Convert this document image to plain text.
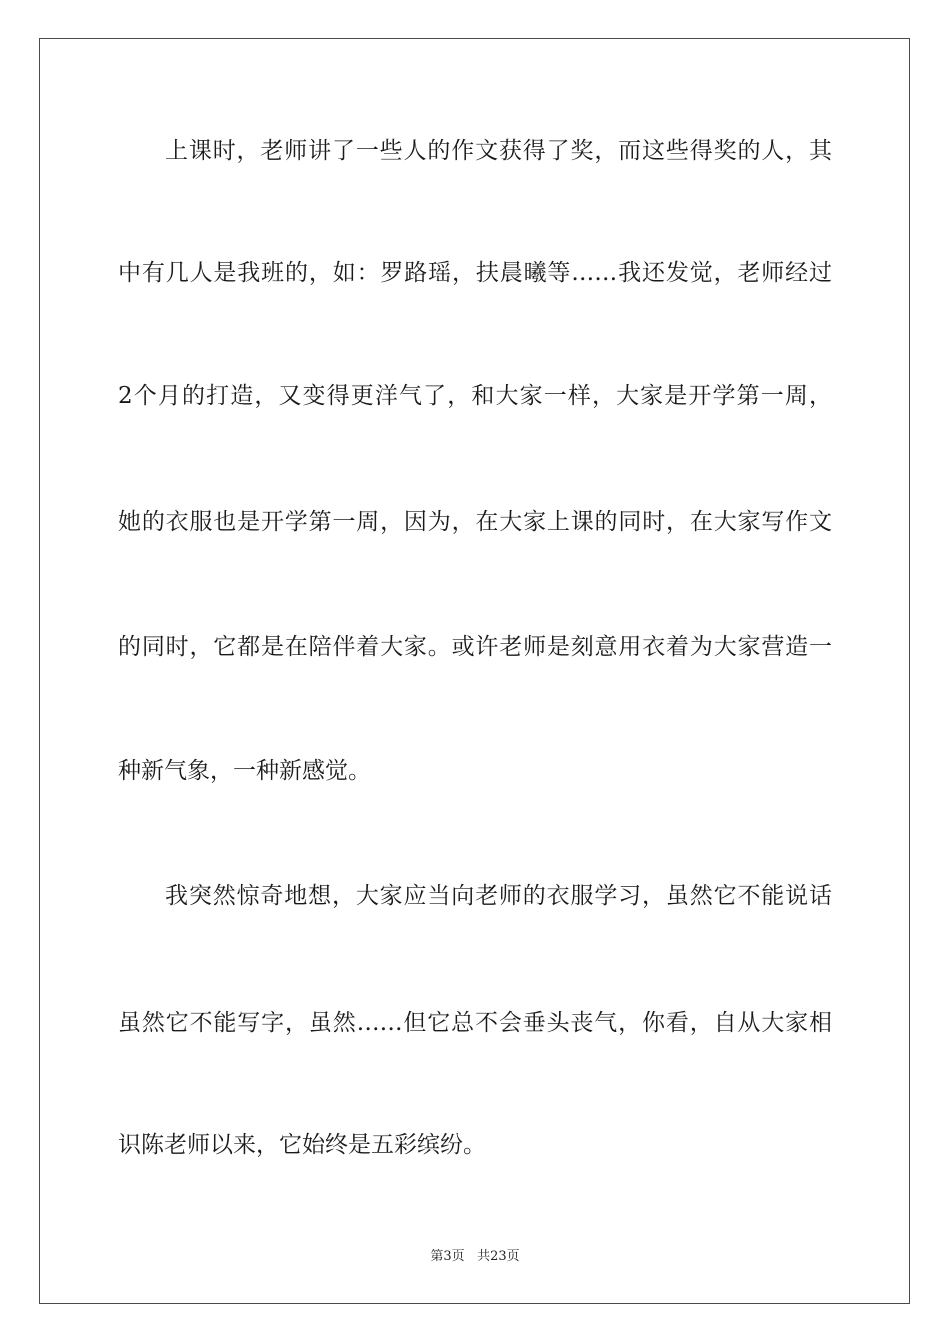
上课时，老师讲了一些人的作文获得了奖，而这些得奖的人，其
中有几人是我班的，如：罗路瑶，扶晨曦等……我还发觉，老师经过
2个月的打造，又变得更洋气了，和大家一样，大家是开学第一周，
她的衣服也是开学第一周，因为，在大家上课的同时，在大家写作文
的同时，它都是在陪伴着大家。或许老师是刻意用衣着为大家营造一
种新气象，一种新感觉。
我突然惊奇地想，大家应当向老师的衣服学习，虽然它不能说话
虽然它不能写字，虽然……但它总不会垂头丧气，你看，自从大家相
识陈老师以来，它始终是五彩缤纷。
第3页 共23页
